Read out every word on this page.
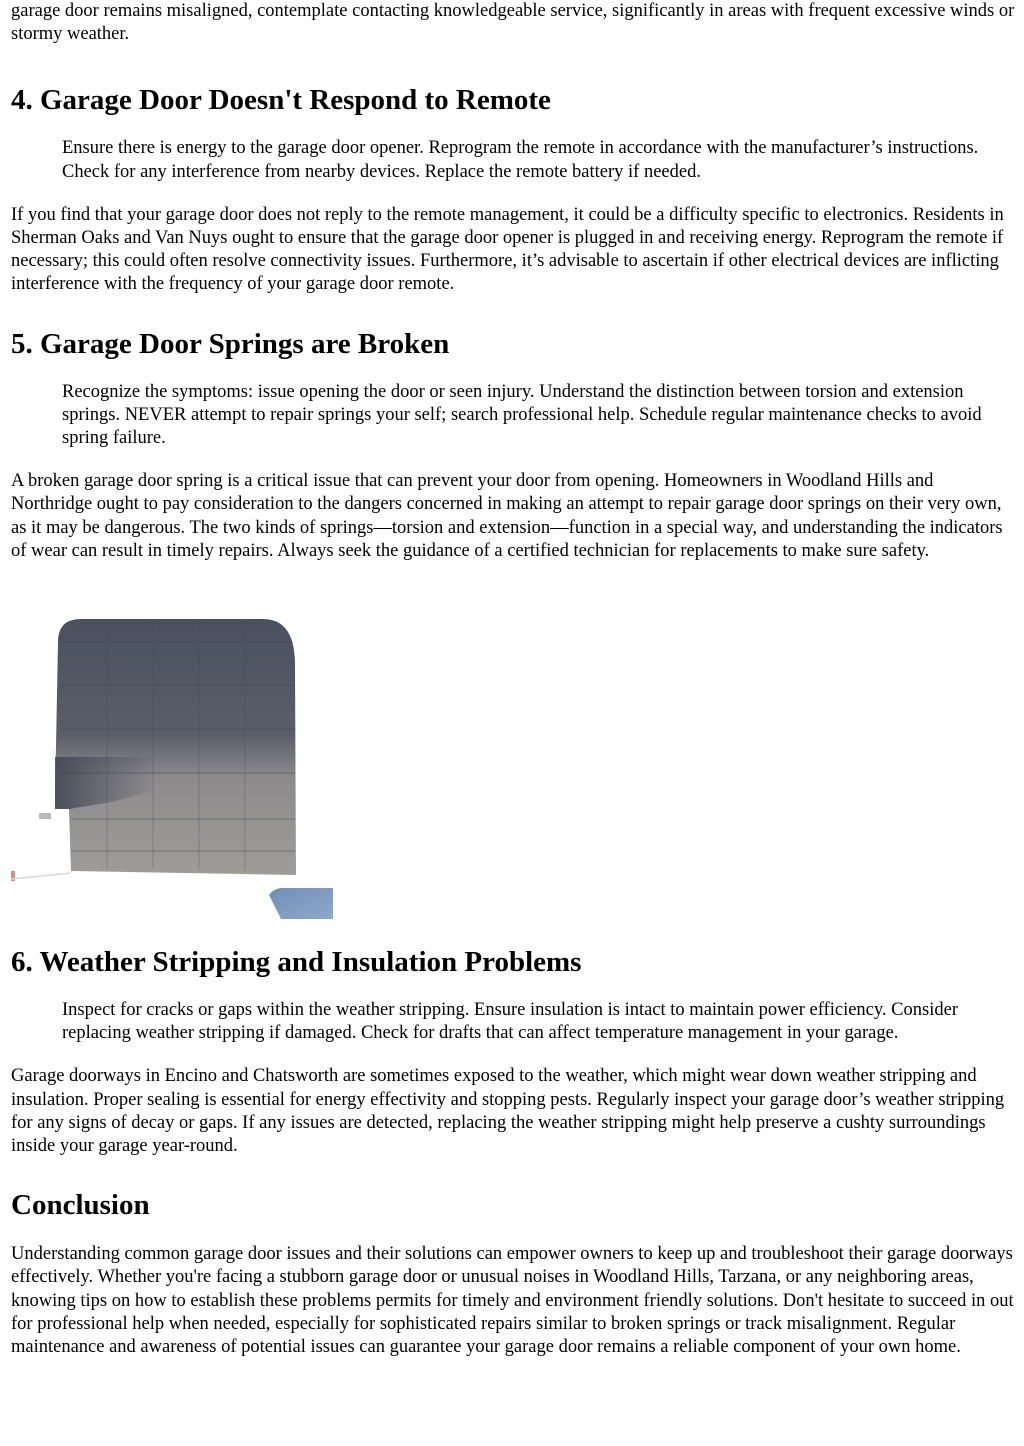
garage door remains misaligned, contemplate contacting knowledgeable service, significantly in areas with frequent excessive winds or stormy weather.

4. Garage Door Doesn't Respond to Remote
Ensure there is energy to the garage door opener. Reprogram the remote in accordance with the manufacturer’s instructions. Check for any interference from nearby devices. Replace the remote battery if needed.

If you find that your garage door does not reply to the remote management, it could be a difficulty specific to electronics. Residents in Sherman Oaks and Van Nuys ought to ensure that the garage door opener is plugged in and receiving energy. Reprogram the remote if necessary; this could often resolve connectivity issues. Furthermore, it’s advisable to ascertain if other electrical devices are inflicting interference with the frequency of your garage door remote.

5. Garage Door Springs are Broken
Recognize the symptoms: issue opening the door or seen injury. Understand the distinction between torsion and extension springs. NEVER attempt to repair springs your self; search professional help. Schedule regular maintenance checks to avoid spring failure.

A broken garage door spring is a critical issue that can prevent your door from opening. Homeowners in Woodland Hills and Northridge ought to pay consideration to the dangers concerned in making an attempt to repair garage door springs on their very own, as it may be dangerous. The two kinds of springs—torsion and extension—function in a special way, and understanding the indicators of wear can result in timely repairs. Always seek the guidance of a certified technician for replacements to make sure safety.

6. Weather Stripping and Insulation Problems
Inspect for cracks or gaps within the weather stripping. Ensure insulation is intact to maintain power efficiency. Consider replacing weather stripping if damaged. Check for drafts that can affect temperature management in your garage.

Garage doorways in Encino and Chatsworth are sometimes exposed to the weather, which might wear down weather stripping and insulation. Proper sealing is essential for energy effectivity and stopping pests. Regularly inspect your garage door’s weather stripping for any signs of decay or gaps. If any issues are detected, replacing the weather stripping might help preserve a cushty surroundings inside your garage year-round.

Conclusion

Understanding common garage door issues and their solutions can empower owners to keep up and troubleshoot their garage doorways effectively. Whether you're facing a stubborn garage door or unusual noises in Woodland Hills, Tarzana, or any neighboring areas, knowing tips on how to establish these problems permits for timely and environment friendly solutions. Don't hesitate to succeed in out for professional help when needed, especially for sophisticated repairs similar to broken springs or track misalignment. Regular maintenance and awareness of potential issues can guarantee your garage door remains a reliable component of your own home.
